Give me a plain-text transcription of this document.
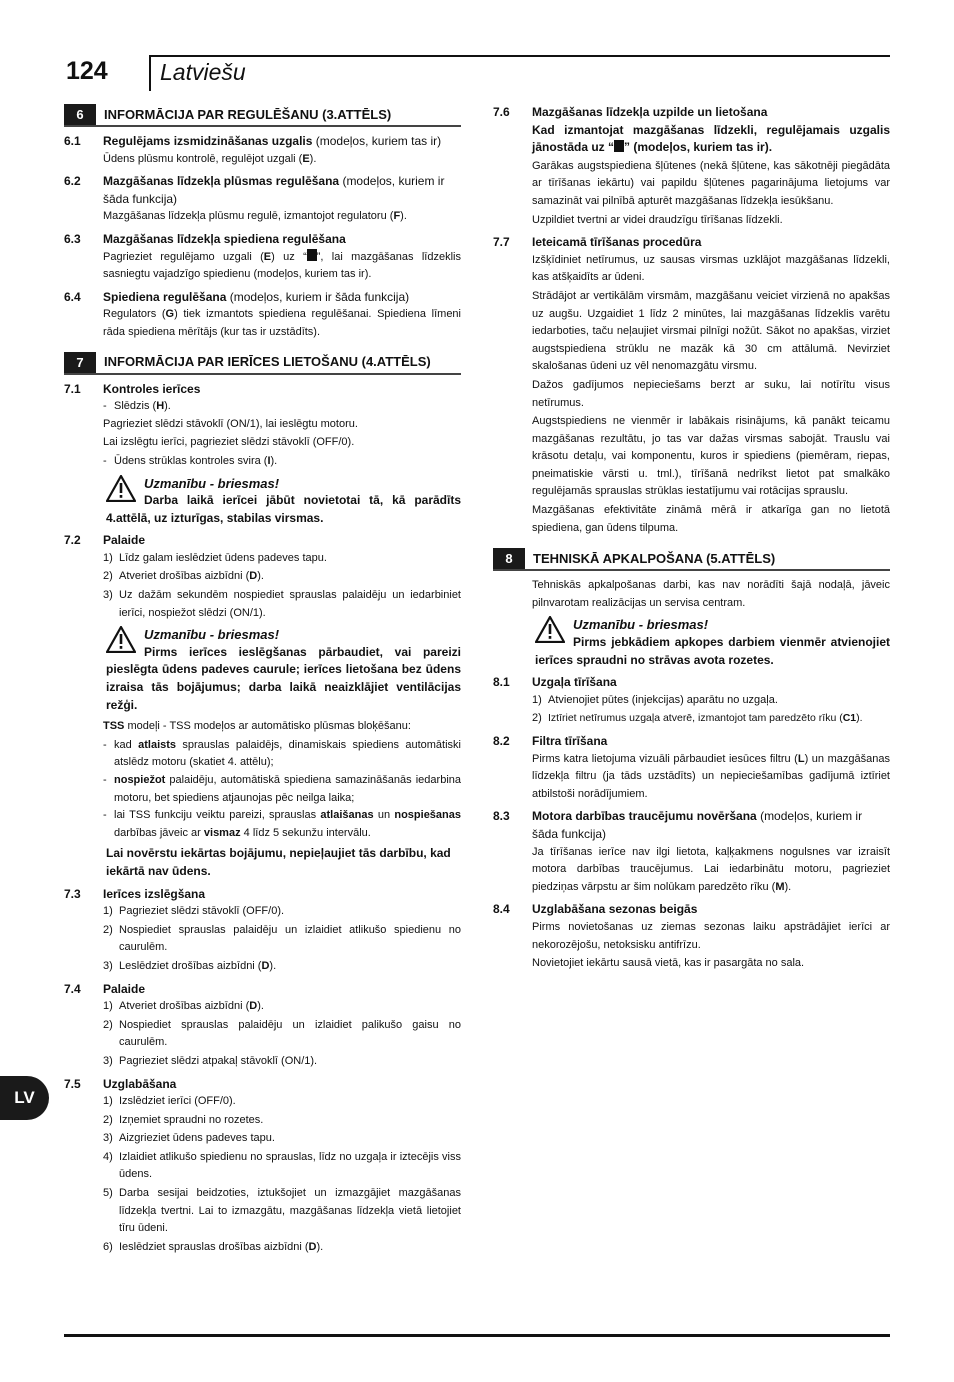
124 Latviešu
6	INFORMĀCIJA PAR REGULĒŠANU (3.ATTĒLS)
6.1	Regulējams izsmidzināšanas uzgalis (modeļos, kuriem tas ir)
Ūdens plūsmu kontrolē, regulējot uzgali (E).
6.2	Mazgāšanas līdzekļa plūsmas regulēšana (modeļos, kuriem ir šāda funkcija)
Mazgāšanas līdzekļa plūsmu regulē, izmantojot regulatoru (F).
6.3	Mazgāšanas līdzekļa spiediena regulēšana
Pagrieziet regulējamo uzgali (E) uz “ ”, lai mazgāšanas līdzeklis sasniegtu vajadzīgo spiedienu (modeļos, kuriem tas ir).
6.4	Spiediena regulēšana (modeļos, kuriem ir šāda funkcija)
Regulators (G) tiek izmantots spiediena regulēšanai. Spiediena līmeni rāda spiediena mērītājs (kur tas ir uzstādīts).
7	INFORMĀCIJA PAR IERĪCES LIETOŠANU (4.ATTĒLS)
7.1	Kontroles ierīces
- Slēdzis (H).

Pagrieziet slēdzi stāvoklī (ON/1), lai ieslēgtu motoru.

Lai izslēgtu ierīci, pagrieziet slēdzi stāvoklī (OFF/0).

- Ūdens strūklas kontroles svira (I).
Uzmanību - briesmas!
Darba laikā ierīcei jābūt novietotai tā, kā parādīts 4.attēlā, uz izturīgas, stabilas virsmas.
7.2	Palaide
1) Līdz galam ieslēdziet ūdens padeves tapu.
2) Atveriet drošības aizbīdni (D).
3) Uz dažām sekundēm nospiediet sprauslas palaidēju un iedarbiniet ierīci, nospiežot slēdzi (ON/1).
Uzmanību - briesmas!
Pirms ierīces ieslēgšanas pārbaudiet, vai pareizi pieslēgta ūdens padeves caurule; ierīces lietošana bez ūdens izraisa tās bojājumus; darba laikā neaizklājiet ventilācijas režģi.

TSS modeļi - TSS modeļos ar automātisko plūsmas bloķēšanu:

- kad atlaists sprauslas palaidējs, dinamiskais spiediens automātiski atslēdz motoru (skatiet 4. attēlu);
- nospiežot palaidēju, automātiskā spiediena samazināšanās iedarbina motoru, bet spiediens atjaunojas pēc neilga laika;
- lai TSS funkciju veiktu pareizi, sprauslas atlaišanas un nospiešanas darbības jāveic ar vismaz 4 līdz 5 sekunžu intervālu.
Lai novērstu iekārtas bojājumu, nepieļaujiet tās darbību, kad iekārtā nav ūdens.
7.3	Ierīces izslēgšana
1) Pagrieziet slēdzi stāvoklī (OFF/0).
2) Nospiediet sprauslas palaidēju un izlaidiet atlikušo spiedienu no caurulēm.
3) Leslēdziet drošības aizbīdni (D).
7.4	Palaide
1) Atveriet drošības aizbīdni (D).
2) Nospiediet sprauslas palaidēju un izlaidiet palikušo gaisu no caurulēm.
3) Pagrieziet slēdzi atpakaļ stāvoklī (ON/1).
7.5	Uzglabāšana
1) Izslēdziet ierīci (OFF/0).
2) Izņemiet spraudni no rozetes.
3) Aizgrieziet ūdens padeves tapu.
4) Izlaidiet atlikušo spiedienu no sprauslas, līdz no uzgaļa ir iztecējis viss ūdens.
5) Darba sesijai beidzoties, iztukšojiet un izmazgājiet mazgāšanas līdzekļa tvertni. Lai to izmazgātu, mazgāšanas līdzekļa vietā lietojiet tīru ūdeni.
6) Ieslēdziet sprauslas drošības aizbīdni (D).
7.6	Mazgāšanas līdzekļa uzpilde un lietošana

Kad izmantojat mazgāšanas līdzekli, regulējamais uzgalis jānostāda uz “ ” (modeļos, kuriem tas ir).

Garākas augstspiediena šļūtenes (nekā šļūtene, kas sākotnēji piegādāta ar tīrīšanas iekārtu) vai papildu šļūtenes pagarinājuma lietojums var samazināt vai pilnībā apturēt mazgāšanas līdzekļa iesūkšanu.

Uzpildiet tvertni ar videi draudzīgu tīrīšanas līdzekli.

7.7	Ieteicamā tīrīšanas procedūra

Izšķīdiniet netīrumus, uz sausas virsmas uzklājot mazgāšanas līdzekli, kas atšķaidīts ar ūdeni.

Strādājot ar vertikālām virsmām, mazgāšanu veiciet virzienā no apakšas uz augšu. Uzgaidiet 1 līdz 2 minūtes, lai mazgāšanas līdzeklis varētu iedarboties, taču neļaujiet virsmai pilnīgi nožūt. Sākot no apakšas, virziet augstspiediena strūklu ne mazāk kā 30 cm attālumā. Nevirziet skalošanas ūdeni uz vēl nenomazgātu virsmu.

Dažos gadījumos nepieciešams berzt ar suku, lai notīrītu visus netīrumus.

Augstspiediens ne vienmēr ir labākais risinājums, kā panākt teicamu mazgāšanas rezultātu, jo tas var dažas virsmas sabojāt. Trauslu vai krāsotu detaļu, vai komponentu, kuros ir spiediens (piemēram, riepas, pneimatiskie vārsti u. tml.), tīrīšanā nedrīkst lietot pat smalkāko regulējamās sprauslas strūklas iestatījumu vai rotācijas sprauslu.

Mazgāšanas efektivitāte zināmā mērā ir atkarīga gan no lietotā spiediena, gan ūdens tilpuma.

8	TEHNISKĀ APKALPOŠANA (5.ATTĒLS)
Tehniskās apkalpošanas darbi, kas nav norādīti šajā nodaļā, jāveic pilnvarotam realizācijas un servisa centram.
Uzmanību - briesmas!
Pirms jebkādiem apkopes darbiem vienmēr atvienojiet ierīces spraudni no strāvas avota rozetes.
8.1	Uzgaļa tīrīšana
1) Atvienojiet pūtes (injekcijas) aparātu no uzgaļa.
2) Iztīriet netīrumus uzgaļa atverē, izmantojot tam paredzēto rīku (C1).
8.2	Filtra tīrīšana
Pirms katra lietojuma vizuāli pārbaudiet iesūces filtru (L) un mazgāšanas līdzekļa filtru (ja tāds uzstādīts) un nepieciešamības gadījumā iztīriet atbilstoši norādījumiem.
8.3	Motora darbības traucējumu novēršana (modeļos, kuriem ir šāda funkcija)
Ja tīrīšanas ierīce nav ilgi lietota, kaļķakmens nogulsnes var izraisīt motora darbības traucējumus. Lai iedarbinātu motoru, pagrieziet piedziņas vārpstu ar šim nolūkam paredzēto rīku (M).
8.4	Uzglabāšana sezonas beigās

Pirms novietošanas uz ziemas sezonas laiku apstrādājiet ierīci ar nekorozējošu, netoksisku antifrīzu.

Novietojiet iekārtu sausā vietā, kas ir pasargāta no sala.

LV
